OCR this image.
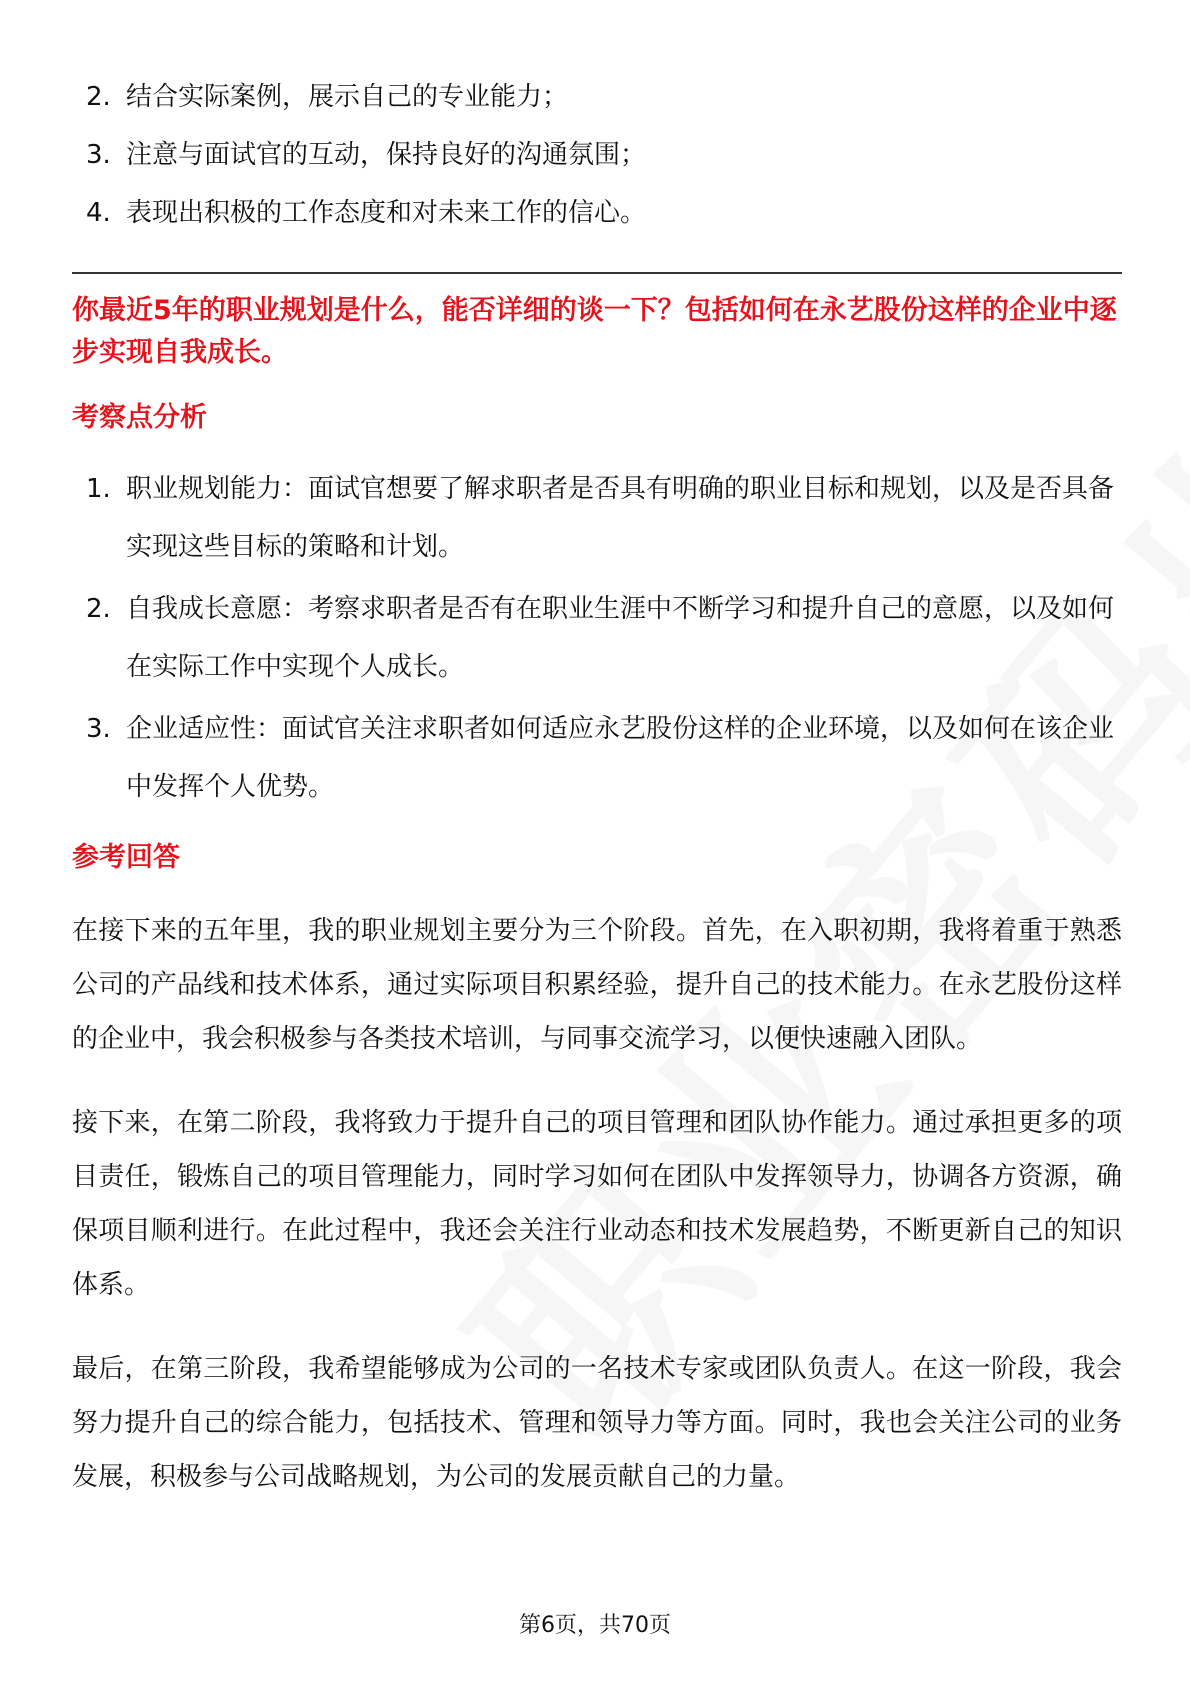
2. 结合实际案例，展示自己的专业能力；
3. 注意与面试官的互动，保持良好的沟通氛围；
4. 表现出积极的工作态度和对未来工作的信心。

你最近5年的职业规划是什么，能否详细的谈一下？包括如何在永艺股份这样的企业中逐步实现自我成长。

考察点分析
1. 职业规划能力：面试官想要了解求职者是否具有明确的职业目标和规划，以及是否具备实现这些目标的策略和计划。
2. 自我成长意愿：考察求职者是否有在职业生涯中不断学习和提升自己的意愿，以及如何在实际工作中实现个人成长。
3. 企业适应性：面试官关注求职者如何适应永艺股份这样的企业环境，以及如何在该企业中发挥个人优势。
参考回答

在接下来的五年里，我的职业规划主要分为三个阶段。首先，在入职初期，我将着重于熟悉公司的产品线和技术体系，通过实际项目积累经验，提升自己的技术能力。在永艺股份这样的企业中，我会积极参与各类技术培训，与同事交流学习，以便快速融入团队。

接下来，在第二阶段，我将致力于提升自己的项目管理和团队协作能力。通过承担更多的项目责任，锻炼自己的项目管理能力，同时学习如何在团队中发挥领导力，协调各方资源，确保项目顺利进行。在此过程中，我还会关注行业动态和技术发展趋势，不断更新自己的知识体系。

最后，在第三阶段，我希望能够成为公司的一名技术专家或团队负责人。在这一阶段，我会努力提升自己的综合能力，包括技术、管理和领导力等方面。同时，我也会关注公司的业务发展，积极参与公司战略规划，为公司的发展贡献自己的力量。

第6页，共70页
